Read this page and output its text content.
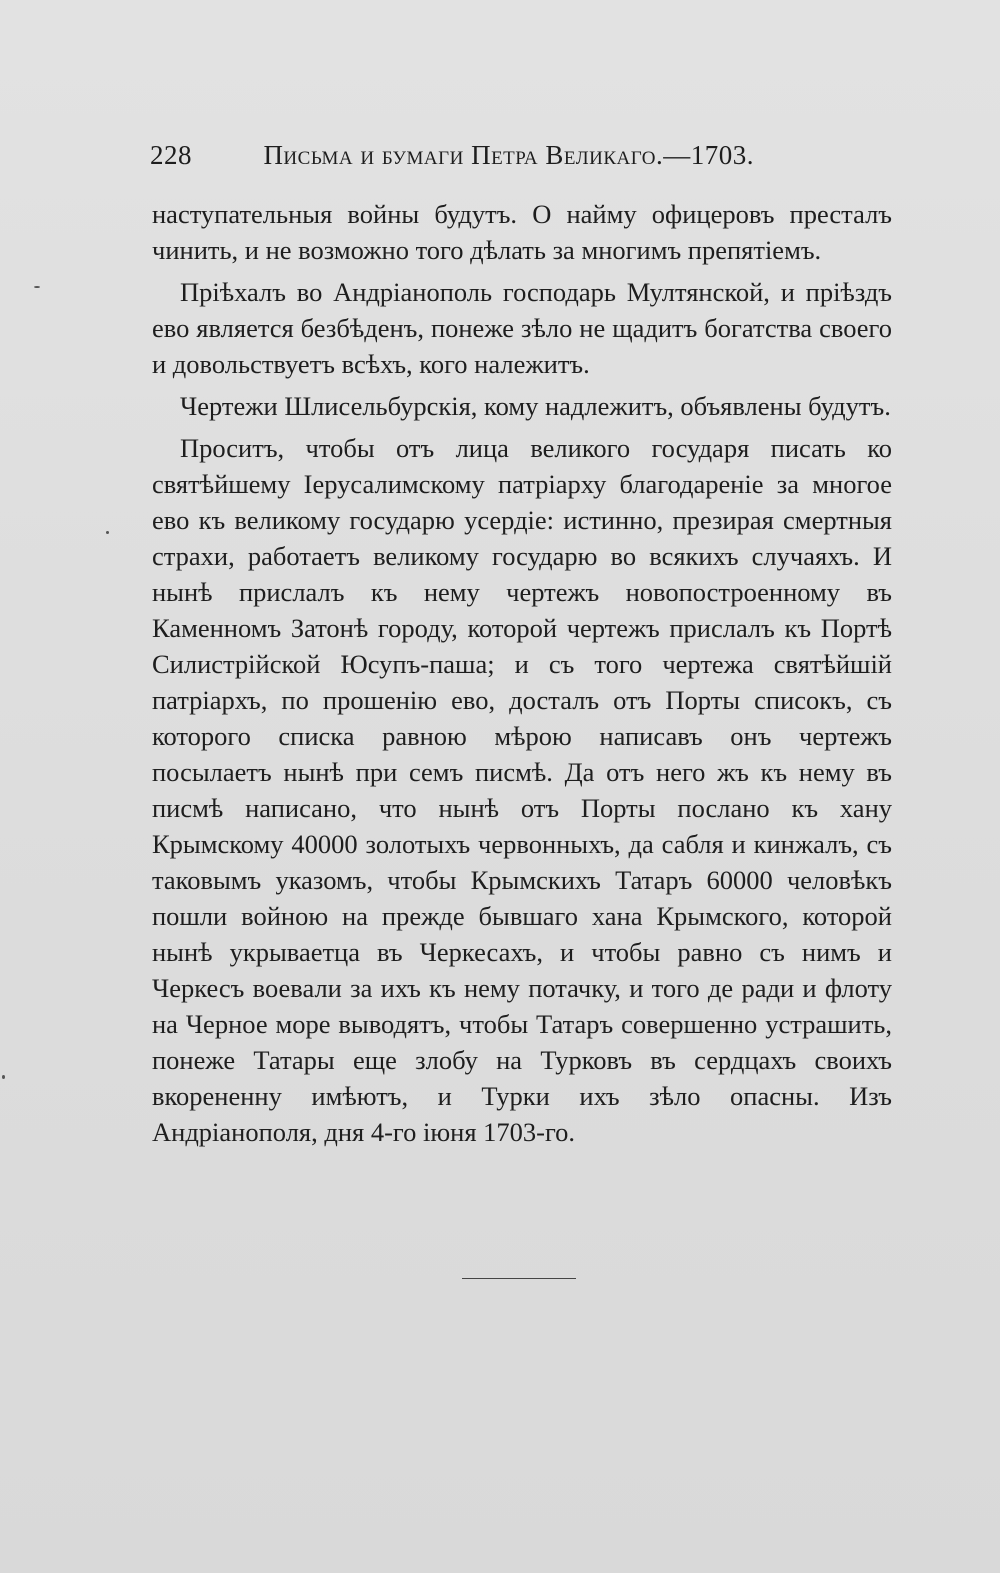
228	Письма и бумаги Петра Великаго.—1703.

наступательныя войны будутъ. О найму офицеровъ престалъ чинить, и не возможно того дѣлать за многимъ препятіемъ.

Пріѣхалъ во Андріанополь господарь Мултянской, и пріѣздъ ево является безбѣденъ, понеже зѣло не щадитъ богатства своего и довольствуетъ всѣхъ, кого належитъ.

Чертежи Шлисельбурскія, кому надлежитъ, объявлены будутъ.

Проситъ, чтобы отъ лица великого государя писать ко святѣйшему Іерусалимскому патріарху благодареніе за многое ево къ великому государю усердіе: истинно, презирая смертныя страхи, работаетъ великому государю во всякихъ случаяхъ. И нынѣ прислалъ къ нему чертежъ новопостроенному въ Каменномъ Затонѣ городу, которой чертежъ прислалъ къ Портѣ Силистрійской Юсупъ-паша; и съ того чертежа святѣйшій патріархъ, по прошенію ево, досталъ отъ Порты списокъ, съ которого списка равною мѣрою написавъ онъ чертежъ посылаетъ нынѣ при семъ писмѣ. Да отъ него жъ къ нему въ писмѣ написано, что нынѣ отъ Порты послано къ хану Крымскому 40000 золотыхъ червонныхъ, да сабля и кинжалъ, съ таковымъ указомъ, чтобы Крымскихъ Татаръ 60000 человѣкъ пошли войною на прежде бывшаго хана Крымского, которой нынѣ укрываетца въ Черкесахъ, и чтобы равно съ нимъ и Черкесъ воевали за ихъ къ нему потачку, и того де ради и флоту на Черное море выводятъ, чтобы Татаръ совершенно устрашить, понеже Татары еще злобу на Турковъ въ сердцахъ своихъ вкорененну имѣютъ, и Турки ихъ зѣло опасны. Изъ Андріанополя, дня 4-го іюня 1703-го.
